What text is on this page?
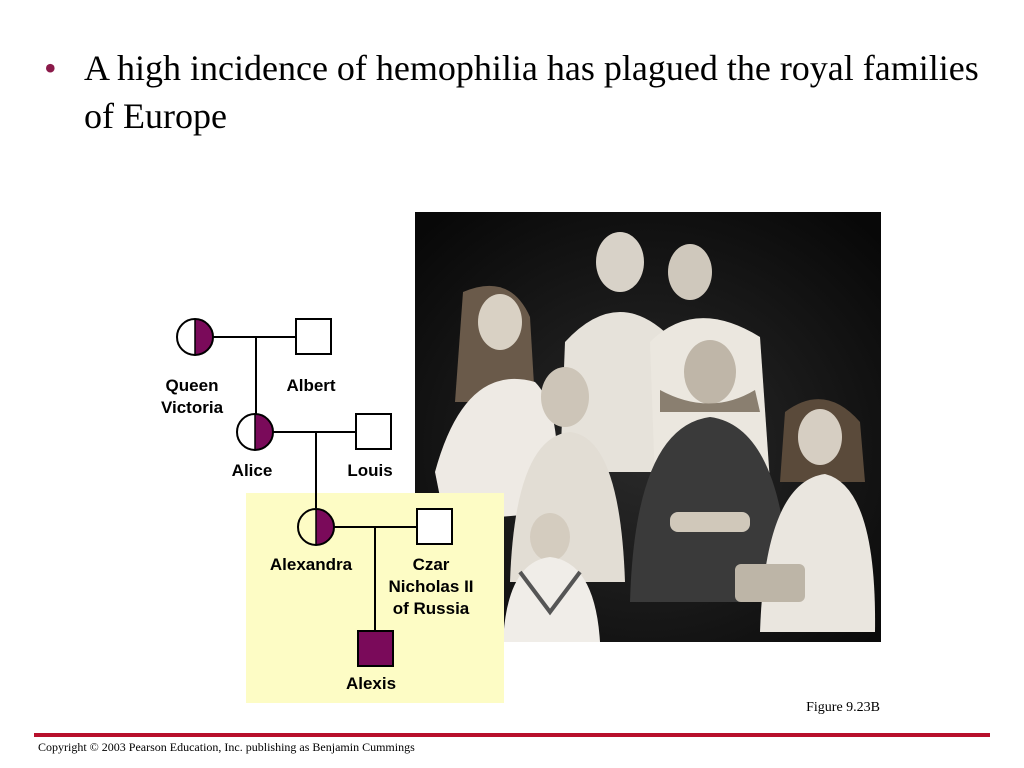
• A high incidence of hemophilia has plagued the royal families of Europe
Queen
Victoria
Albert
Alice	Louis
Alexandra	Czar
Nicholas II
of Russia
Alexis
Figure 9.23B
Copyright © 2003 Pearson Education, Inc. publishing as Benjamin Cummings
